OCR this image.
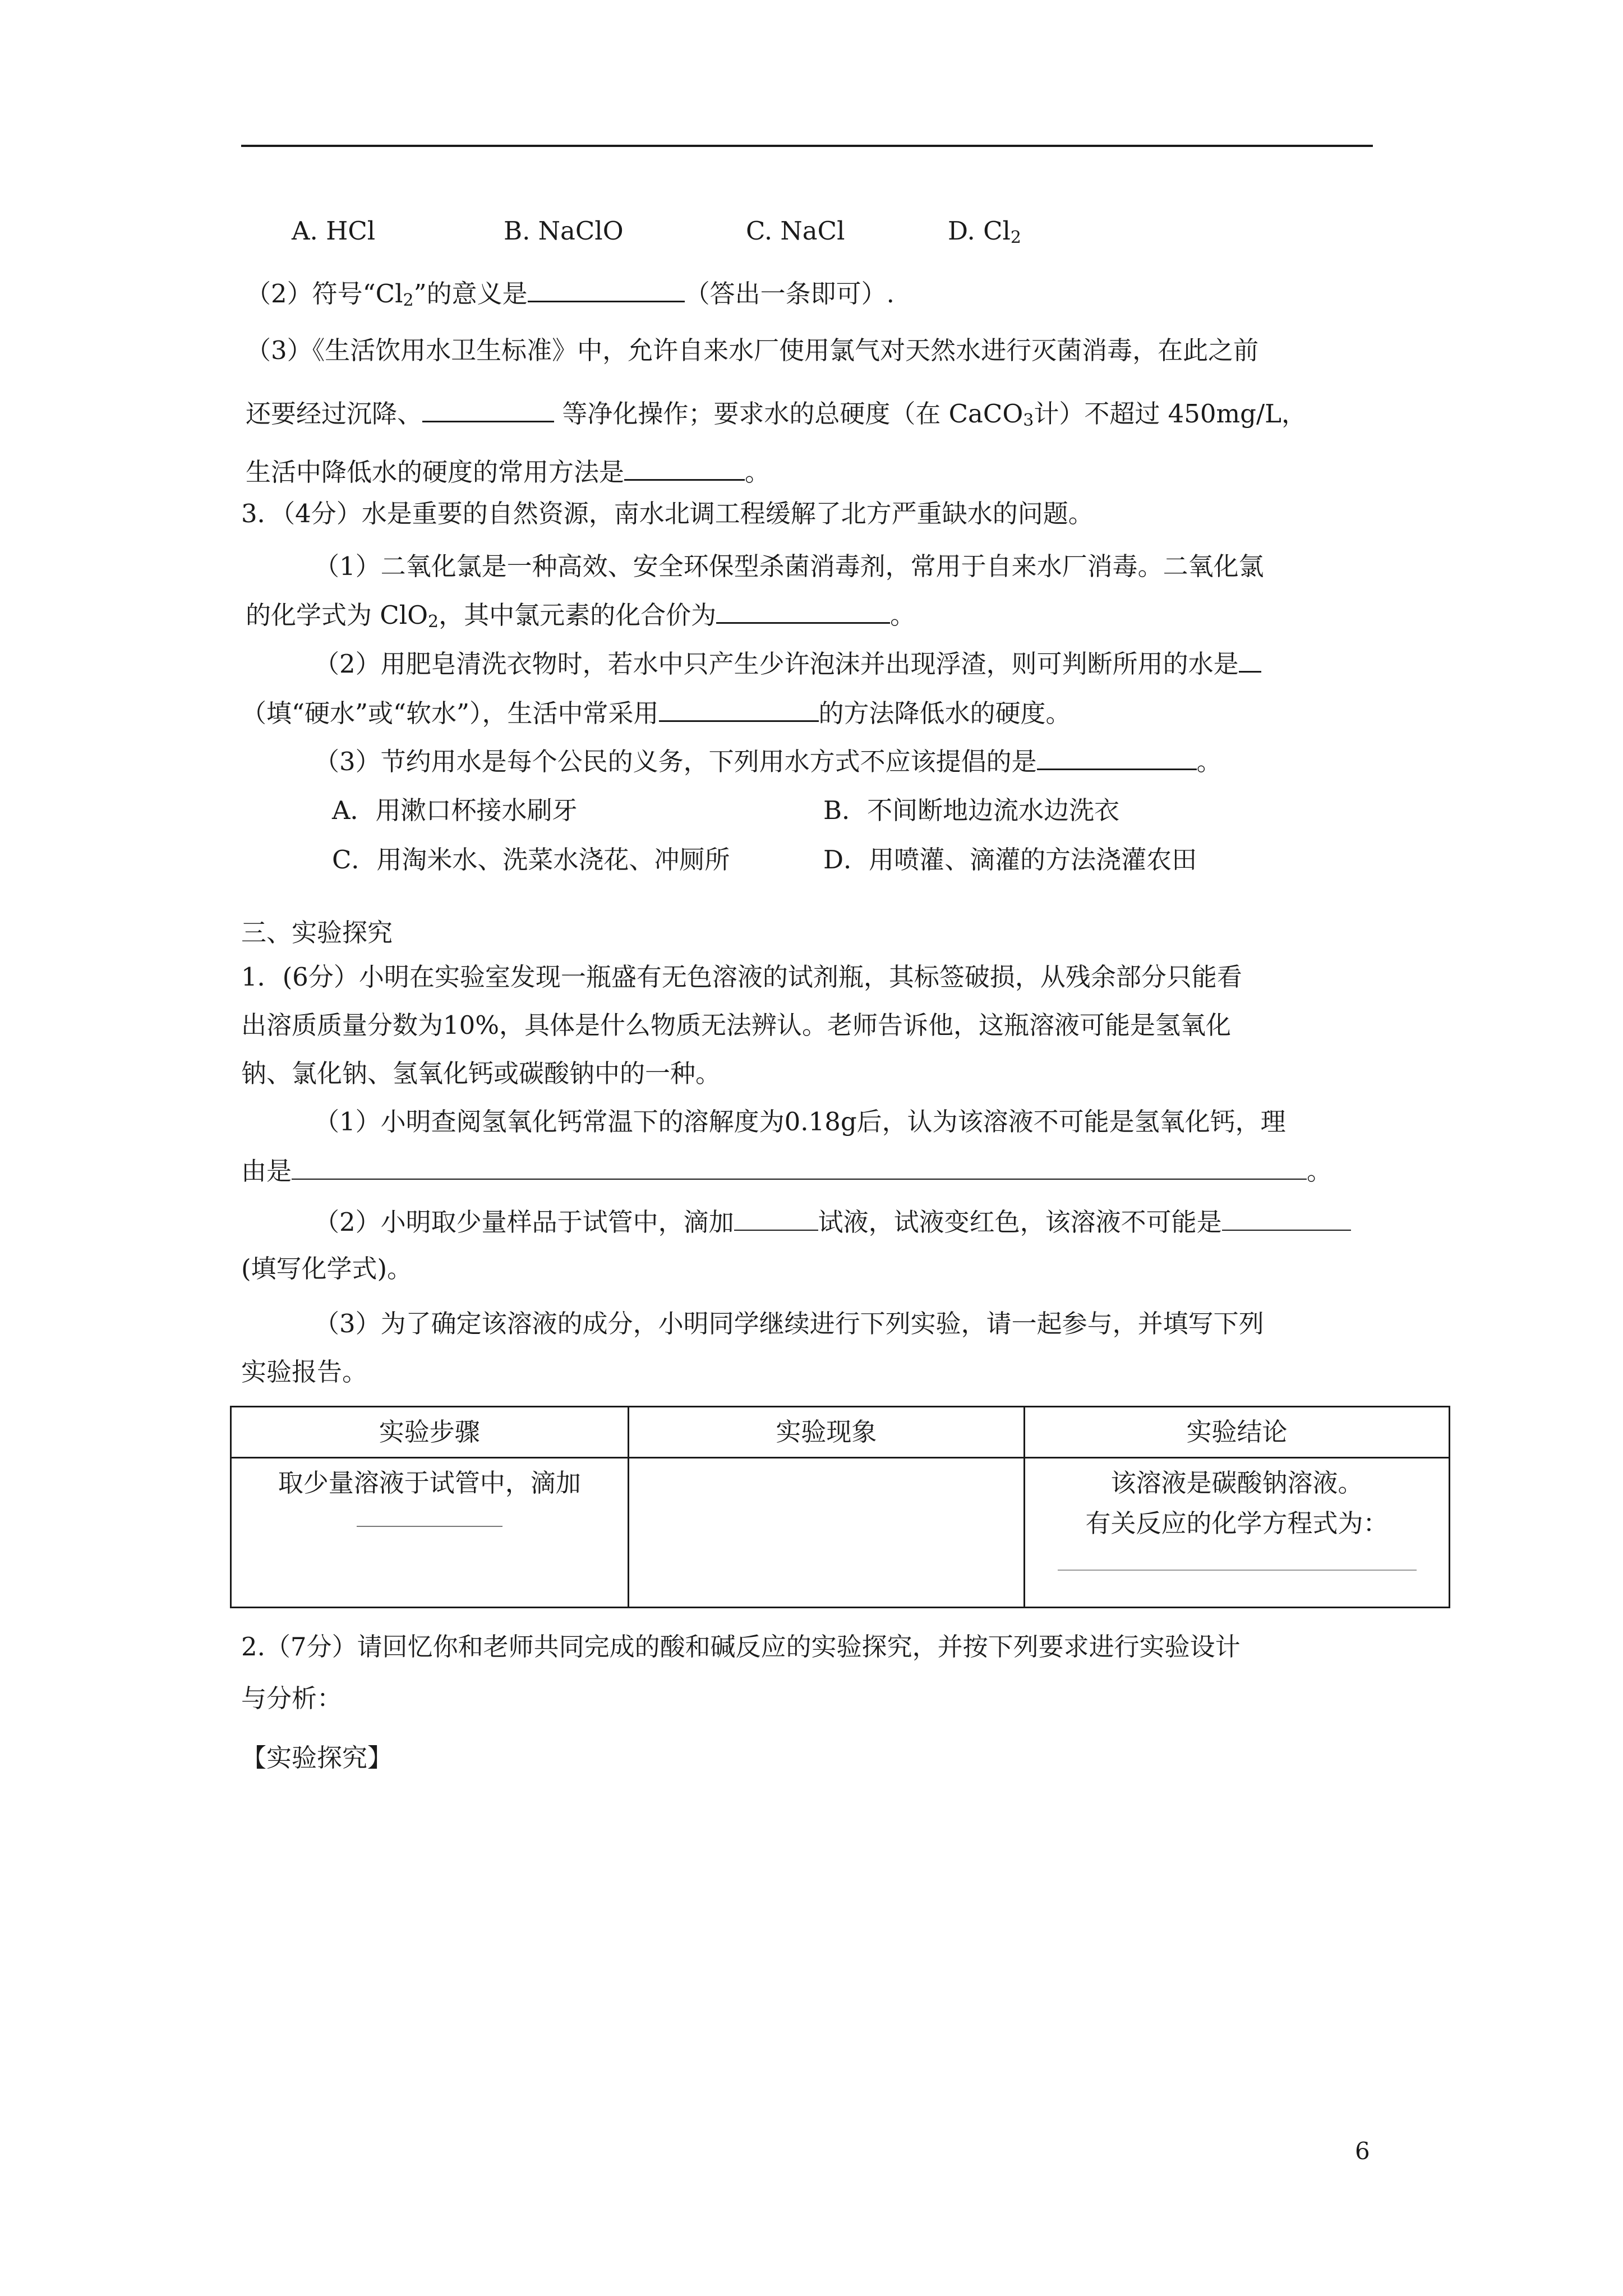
A. HCl	B. NaClO	C. NaCl	D. $Cl_2$
（2）符号“$Cl_2$”的意义是	（答出一条即可）.
（3）《生活饮用水卫生标准》中，允许自来水厂使用氯气对天然水进行灭菌消毒，在此之前
还要经过沉降、	等净化操作；要求水的总硬度（在 CaCO$_3$计）不超过 450mg/L，
生活中降低水的硬度的常用方法是	。
3．（4分）水是重要的自然资源，南水北调工程缓解了北方严重缺水的问题。
（1）二氧化氯是一种高效、安全环保型杀菌消毒剂，常用于自来水厂消毒。二氧化氯
的化学式为 ClO$_2$，其中氯元素的化合价为	。
（2）用肥皂清洗衣物时，若水中只产生少许泡沫并出现浮渣，则可判断所用的水是
（填“硬水”或“软水”），生活中常采用	的方法降低水的硬度。
（3）节约用水是每个公民的义务，下列用水方式不应该提倡的是	。
A．用漱口杯接水刷牙	B．不间断地边流水边洗衣
C．用淘米水、洗菜水浇花、冲厕所	D．用喷灌、滴灌的方法浇灌农田
三、实验探究
1．(6分）小明在实验室发现一瓶盛有无色溶液的试剂瓶，其标签破损，从残余部分只能看
出溶质质量分数为10%，具体是什么物质无法辨认。老师告诉他，这瓶溶液可能是氢氧化
钠、氯化钠、氢氧化钙或碳酸钠中的一种。
（1）小明查阅氢氧化钙常温下的溶解度为0.18g后，认为该溶液不可能是氢氧化钙，理
由是	。
（2）小明取少量样品于试管中，滴加	试液，试液变红色，该溶液不可能是
(填写化学式)。
（3）为了确定该溶液的成分，小明同学继续进行下列实验，请一起参与，并填写下列
实验报告。
实验步骤	实验现象	实验结论

取少量溶液于试管中，滴加		该溶液是碳酸钠溶液。
有关反应的化学方程式为：
2.（7分）请回忆你和老师共同完成的酸和碱反应的实验探究，并按下列要求进行实验设计
与分析：
【实验探究】
6
